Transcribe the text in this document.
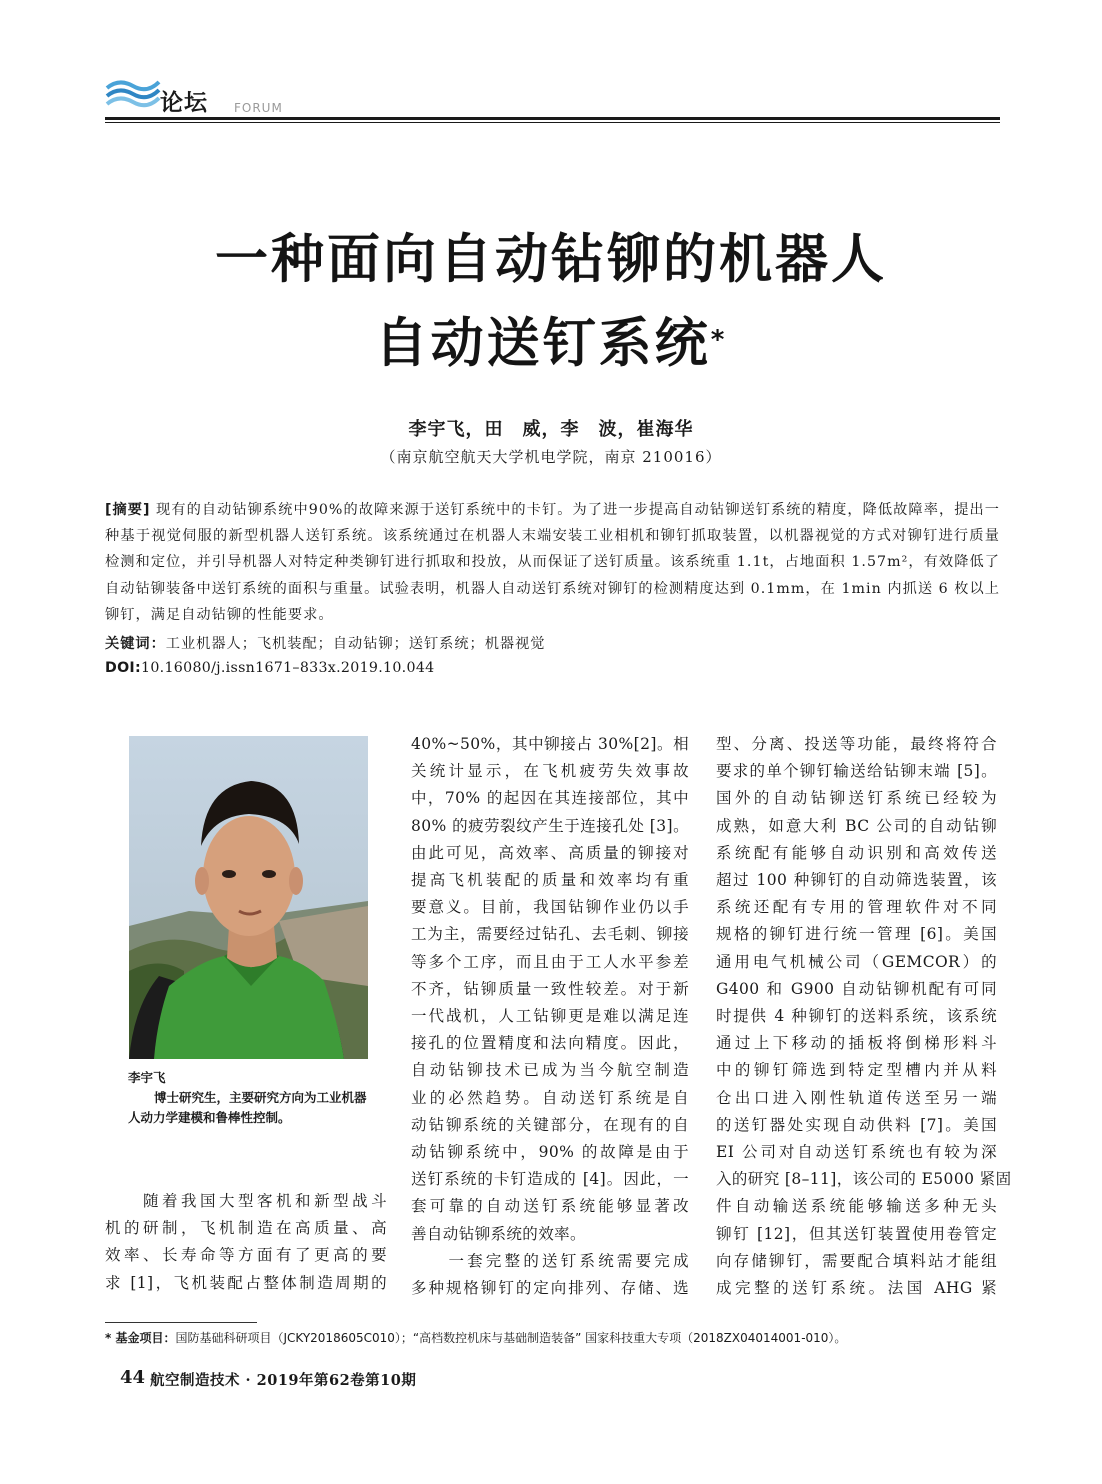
论坛 FORUM
一种面向自动钻铆的机器人
自动送钉系统*
李宇飞，田　威，李　波，崔海华
（南京航空航天大学机电学院，南京 210016）
[摘要] 现有的自动钻铆系统中90%的故障来源于送钉系统中的卡钉。为了进一步提高自动钻铆送钉系统的精度，降低故障率，提出一种基于视觉伺服的新型机器人送钉系统。该系统通过在机器人末端安装工业相机和铆钉抓取装置，以机器视觉的方式对铆钉进行质量检测和定位，并引导机器人对特定种类铆钉进行抓取和投放，从而保证了送钉质量。该系统重 1.1t，占地面积 1.57m²，有效降低了自动钻铆装备中送钉系统的面积与重量。试验表明，机器人自动送钉系统对铆钉的检测精度达到 0.1mm，在 1min 内抓送 6 枚以上铆钉，满足自动钻铆的性能要求。
关键词：工业机器人；飞机装配；自动钻铆；送钉系统；机器视觉
DOI:10.16080/j.issn1671–833x.2019.10.044
李宇飞
博士研究生，主要研究方向为工业机器人动力学建模和鲁棒性控制。
　　随着我国大型客机和新型战斗
机的研制，飞机制造在高质量、高
效率、长寿命等方面有了更高的要
求 [1]，飞机装配占整体制造周期的
40%~50%，其中铆接占 30%[2]。相
关统计显示，在飞机疲劳失效事故
中，70% 的起因在其连接部位，其中
80% 的疲劳裂纹产生于连接孔处 [3]。
由此可见，高效率、高质量的铆接对
提高飞机装配的质量和效率均有重
要意义。目前，我国钻铆作业仍以手
工为主，需要经过钻孔、去毛刺、铆接
等多个工序，而且由于工人水平参差
不齐，钻铆质量一致性较差。对于新
一代战机，人工钻铆更是难以满足连
接孔的位置精度和法向精度。因此，
自动钻铆技术已成为当今航空制造
业的必然趋势。自动送钉系统是自
动钻铆系统的关键部分，在现有的自
动钻铆系统中，90% 的故障是由于
送钉系统的卡钉造成的 [4]。因此，一
套可靠的自动送钉系统能够显著改
善自动钻铆系统的效率。
　　一套完整的送钉系统需要完成
多种规格铆钉的定向排列、存储、选
型、分离、投送等功能，最终将符合
要求的单个铆钉输送给钻铆末端 [5]。
国外的自动钻铆送钉系统已经较为
成熟，如意大利 BC 公司的自动钻铆
系统配有能够自动识别和高效传送
超过 100 种铆钉的自动筛选装置，该
系统还配有专用的管理软件对不同
规格的铆钉进行统一管理 [6]。美国
通用电气机械公司（GEMCOR）的
G400 和 G900 自动钻铆机配有可同
时提供 4 种铆钉的送料系统，该系统
通过上下移动的插板将倒梯形料斗
中的铆钉筛选到特定型槽内并从料
仓出口进入刚性轨道传送至另一端
的送钉器处实现自动供料 [7]。美国
EI 公司对自动送钉系统也有较为深
入的研究 [8–11]，该公司的 E5000 紧固
件自动输送系统能够输送多种无头
铆钉 [12]，但其送钉装置使用卷管定
向存储铆钉，需要配合填料站才能组
成完整的送钉系统。法国 AHG 紧
* 基金项目：国防基础科研项目（JCKY2018605C010）；“高档数控机床与基础制造装备” 国家科技重大专项（2018ZX04014001-010）。
44 航空制造技术 · 2019年第62卷第10期
